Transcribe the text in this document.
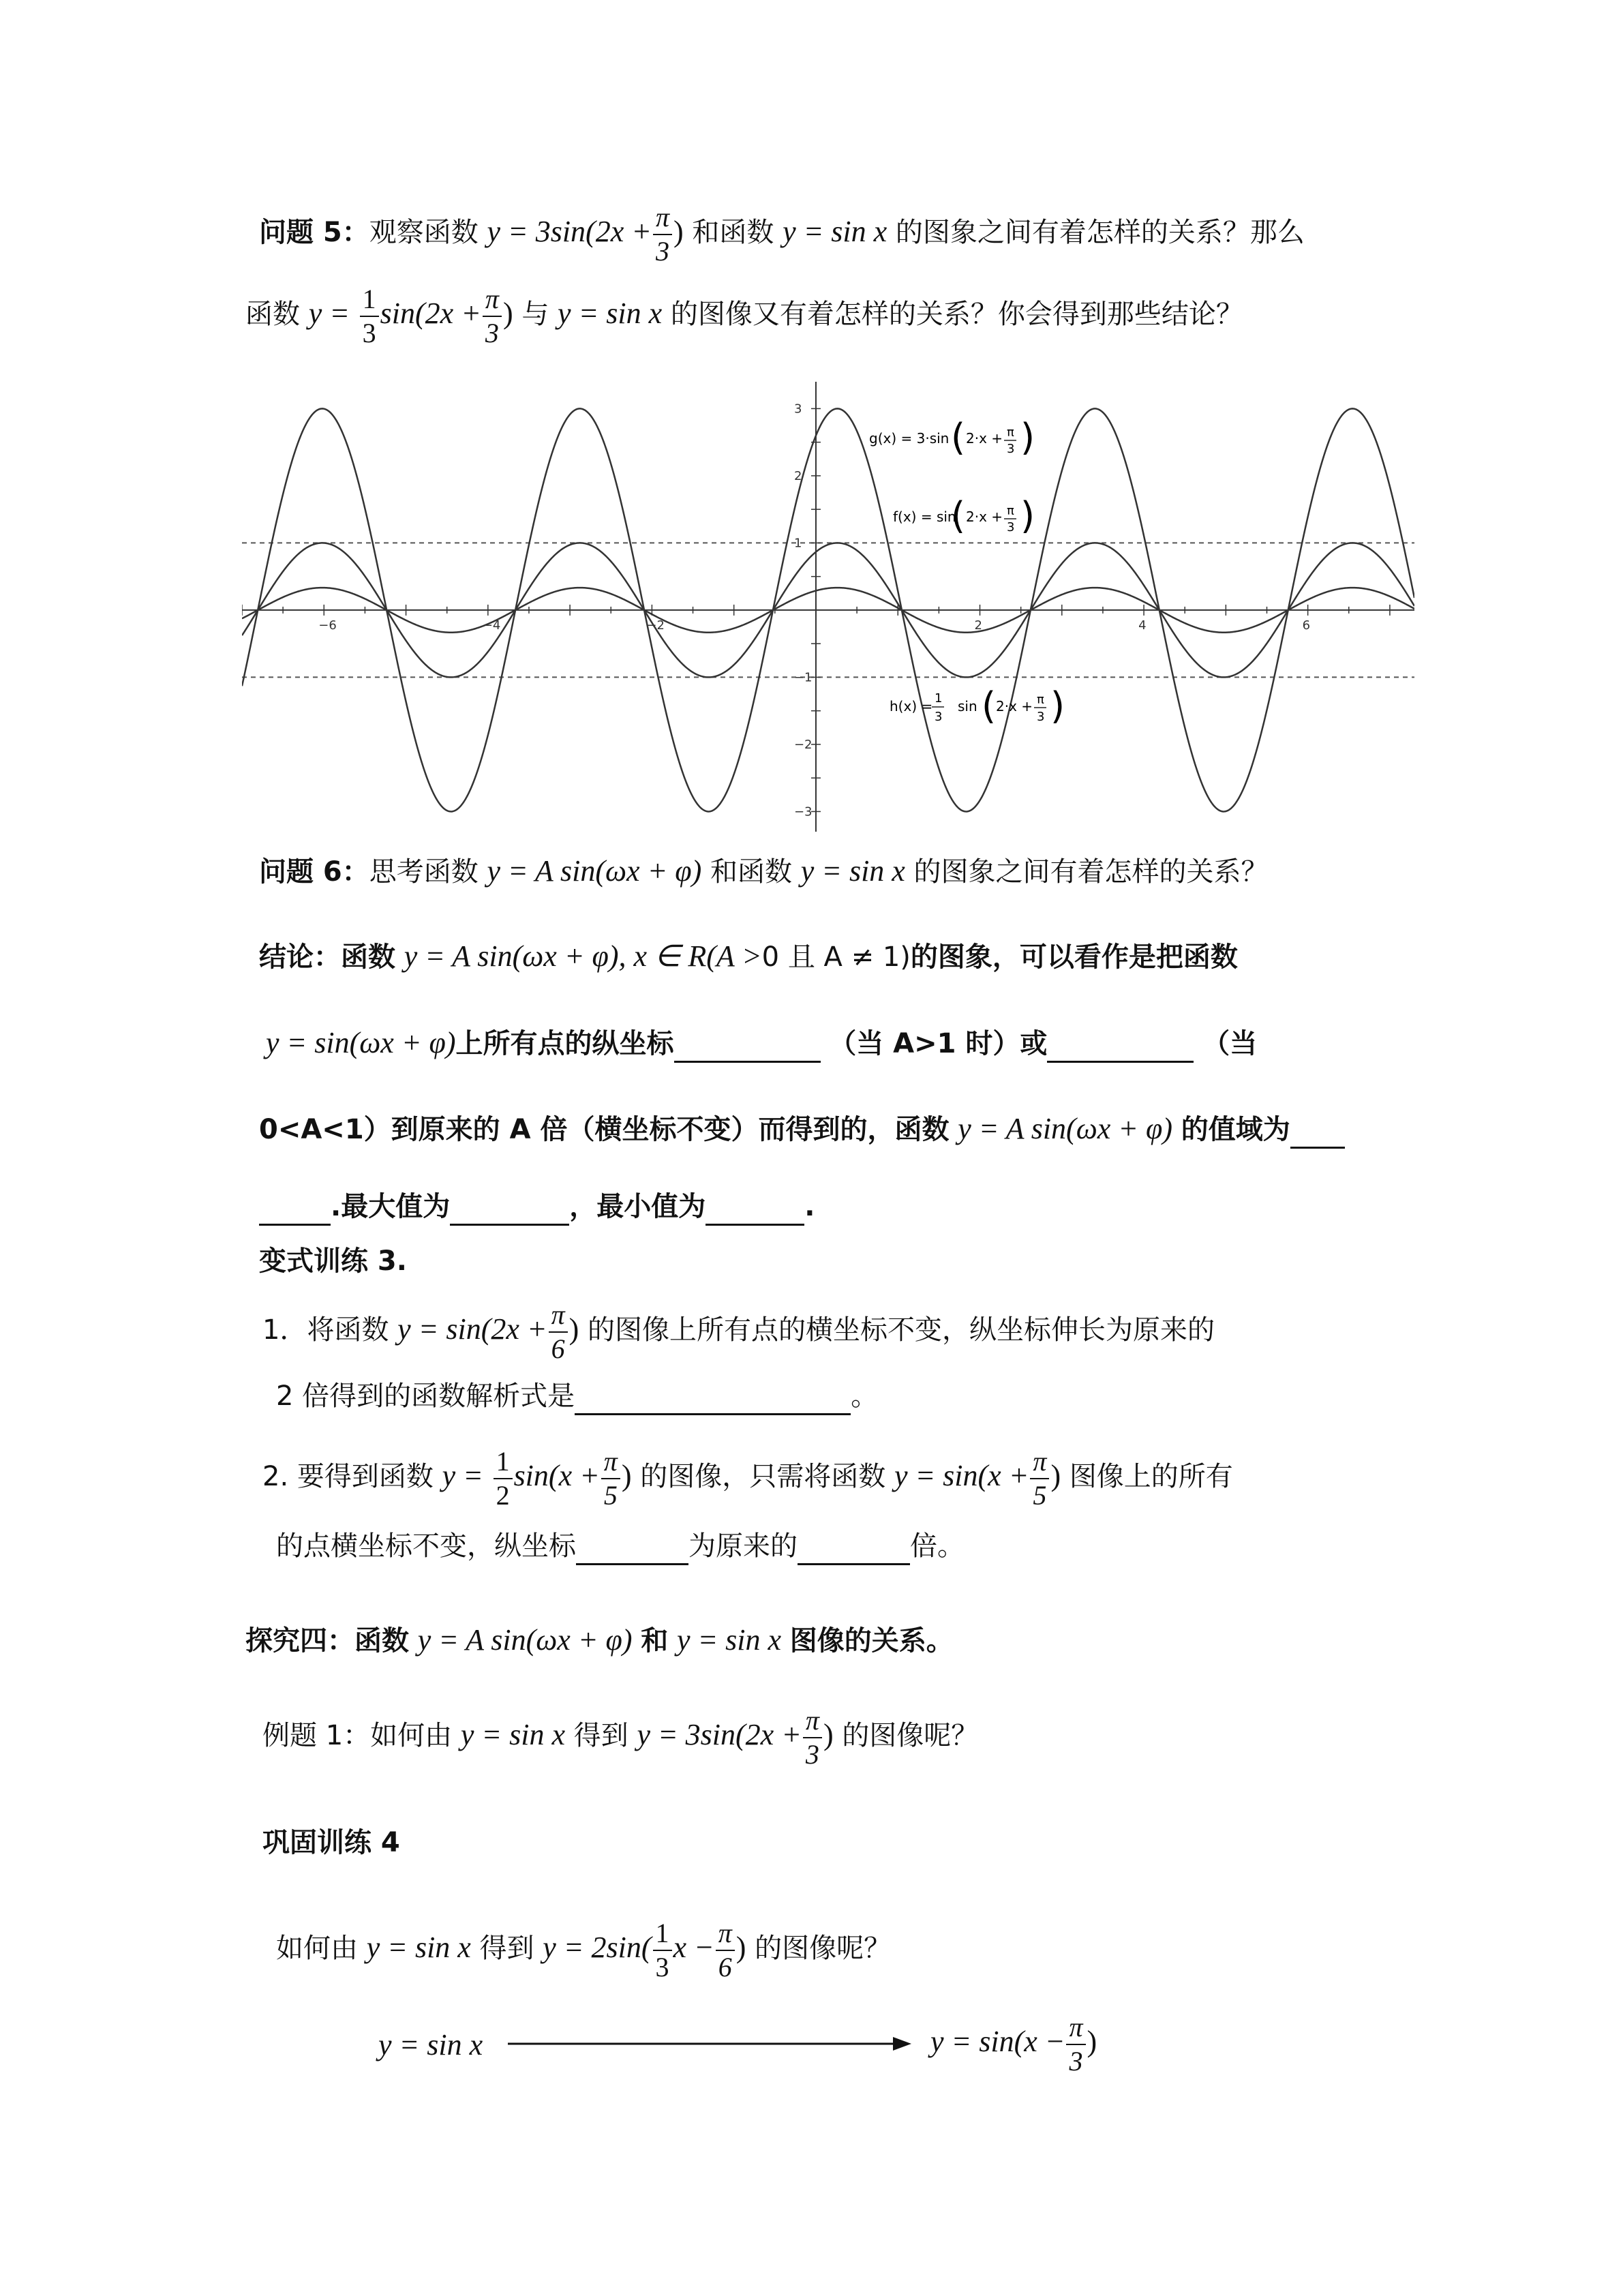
问题 5：观察函数 $y = 3\sin(2x + \frac{\pi}{3}$ ) 和函数 y = sin x 的图象之间有着怎样的关系？那么
函数 $y = \frac{1}{3} \sin(2x + \frac{\pi}{3}$ ) 与 y = sin x 的图像又有着怎样的关系？你会得到那些结论？
−6	−4	−2	2	4	6
3
2
1
−1
−2
−3
g(x) = 3·sin ( 2·x + π
3 )
f(x) = sin
( 2·x + π
3 )
h(x) = 1
3
sin ( 2·x + π
3 )
问题 6：思考函数 y = A sin(ωx + φ) 和函数 y = sin x 的图象之间有着怎样的关系？
结论：函数 y = A sin(ωx + φ), x ∈ R(A >0 且 A ≠ 1)的图象，可以看作是把函数
y = sin(ωx + φ)上所有点的纵坐标	（当 A>1 时）或	（当
0<A<1）到原来的 A 倍（横坐标不变）而得到的，函数 y = A sin(ωx + φ) 的值域为
.最大值为	，最小值为	.
变式训练 3.
1．将函数 $y = \sin(2x + \frac{\pi}{6}$ ) 的图像上所有点的横坐标不变，纵坐标伸长为原来的
2 倍得到的函数解析式是	。
2. 要得到函数 $y = \frac{1}{2} \sin(x + \frac{\pi}{5}$ ) 的图像，只需将函数 $y = \sin(x + \frac{\pi}{5}$ ) 图像上的所有
的点横坐标不变，纵坐标	为原来的	倍。
探究四：函数 y = A sin(ωx + φ) 和 y = sin x 图像的关系。
例题 1：如何由 y = sin x 得到 $y = 3\sin(2x + \frac{\pi}{3}$ ) 的图像呢？
巩固训练 4
如何由 y = sin x 得到 $y = 2\sin( \frac{1}{3}$ $x - \frac{\pi}{6}$ ) 的图像呢？
y = sin x	$y = \sin(x - \frac{\pi}{3}$ )
